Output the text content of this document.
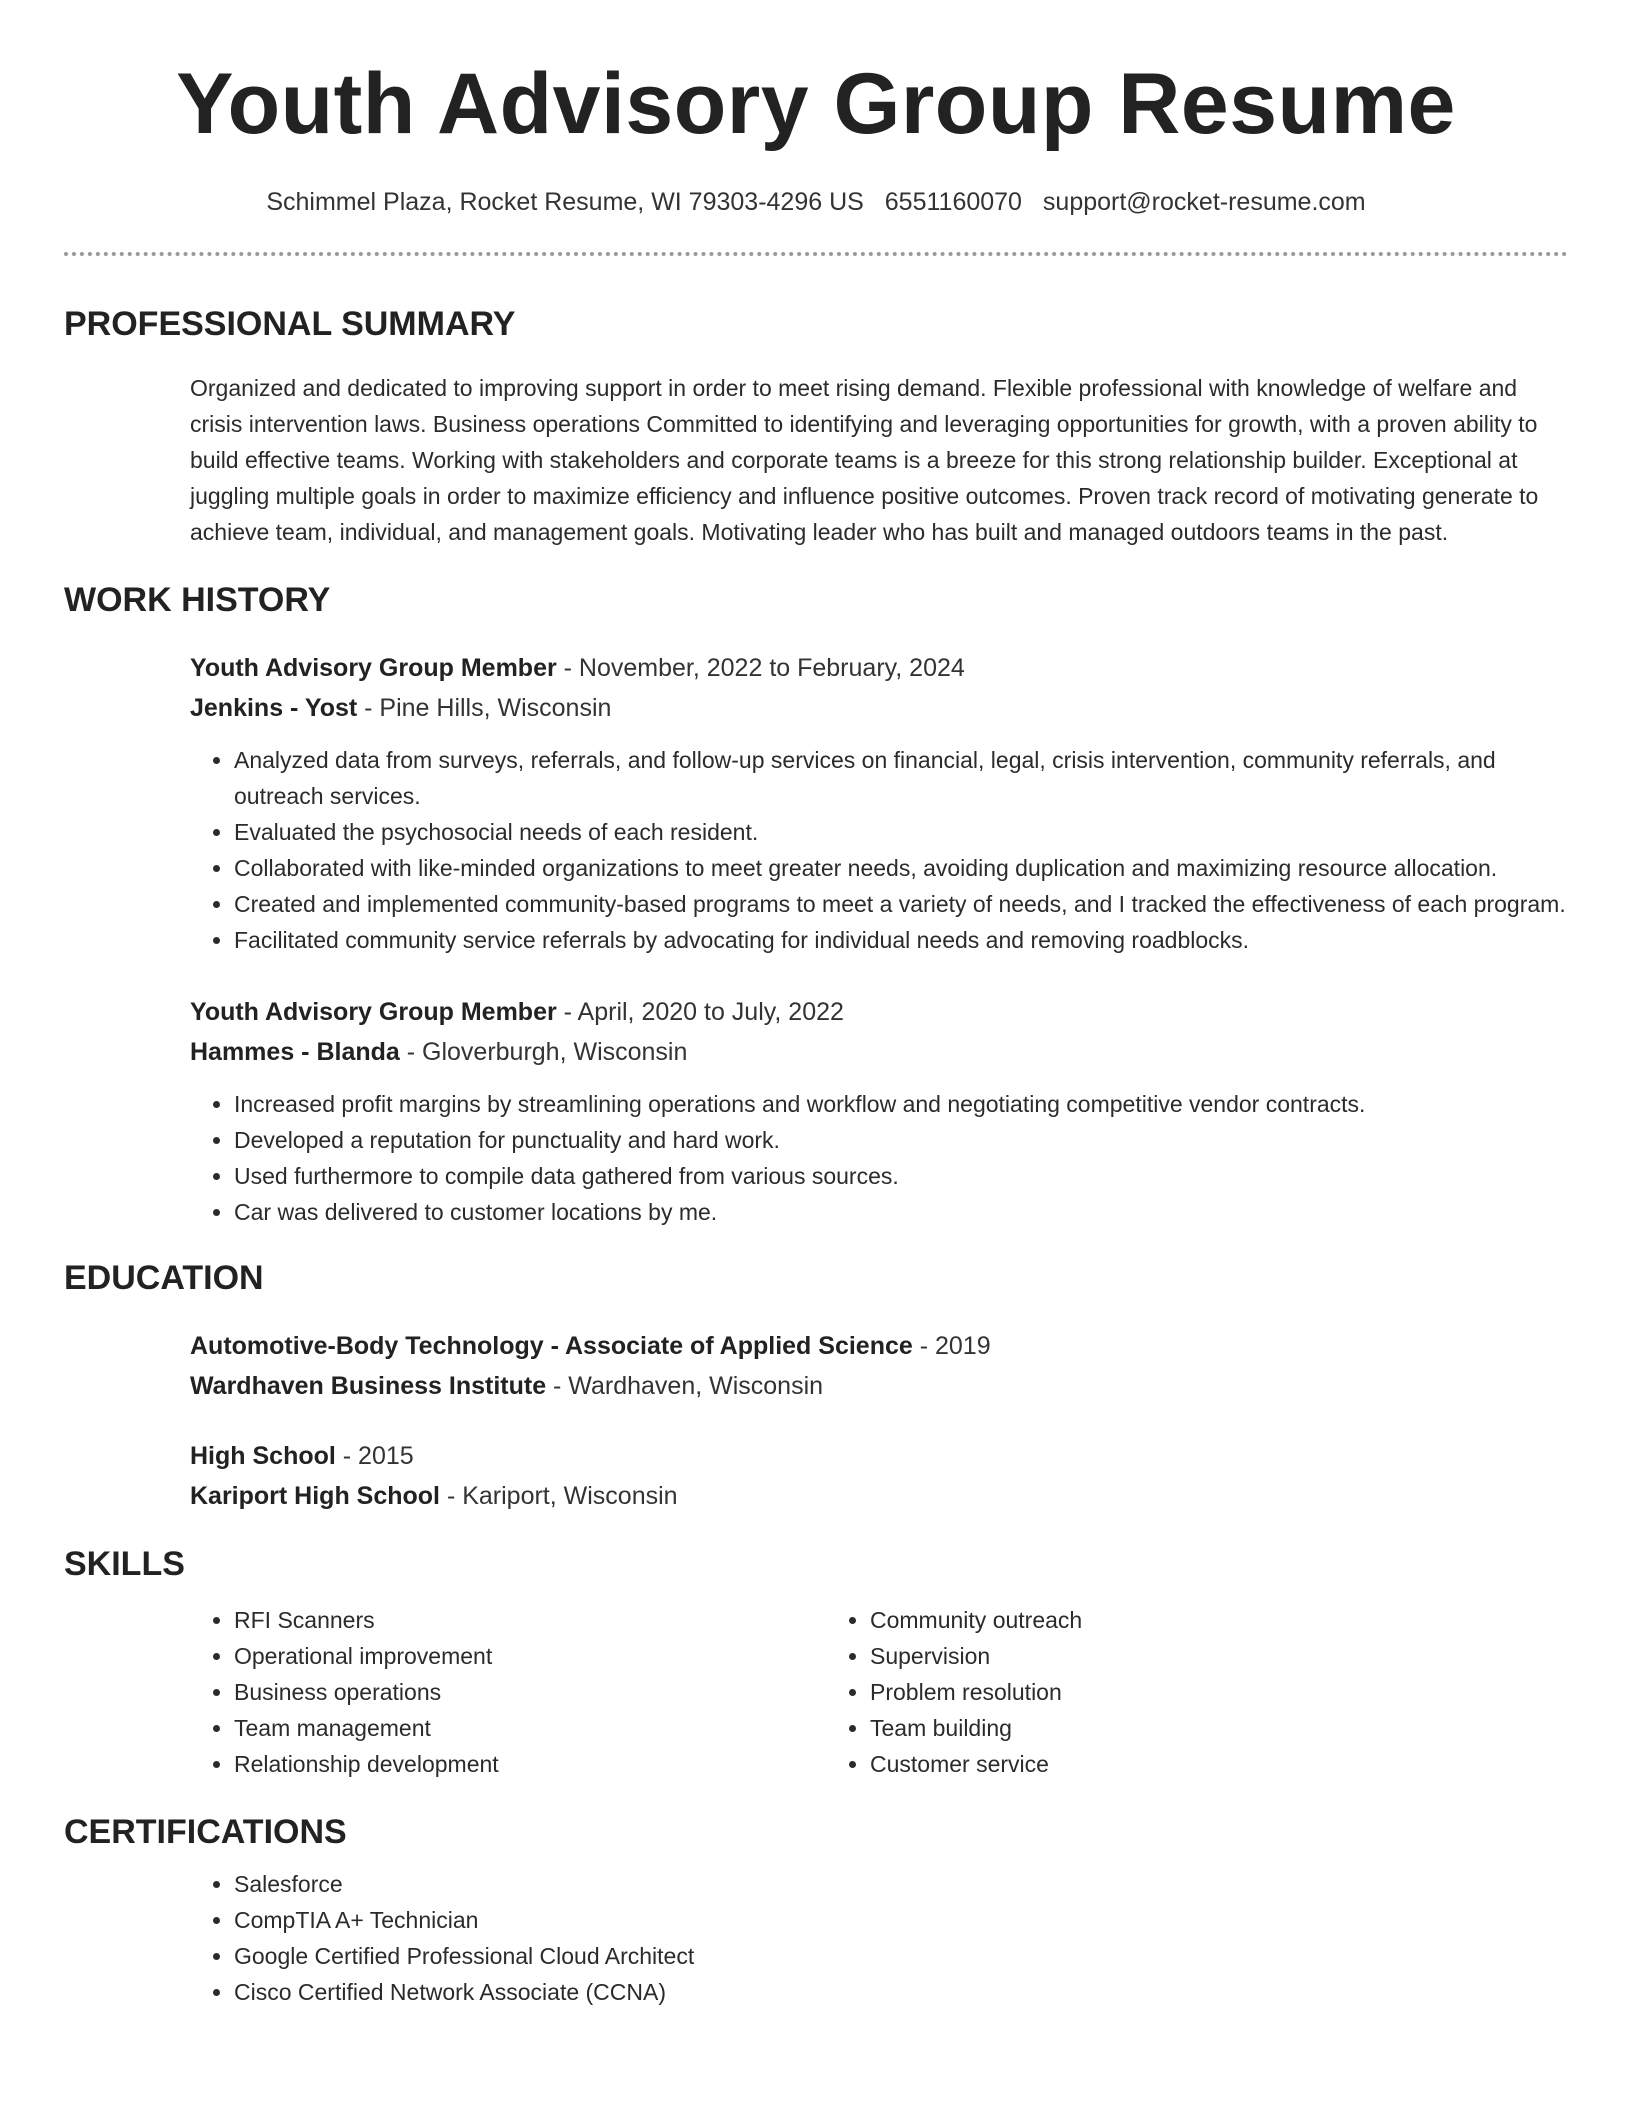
Youth Advisory Group Resume
Schimmel Plaza, Rocket Resume, WI 79303-4296 US 6551160070 support@rocket-resume.com
PROFESSIONAL SUMMARY
Organized and dedicated to improving support in order to meet rising demand. Flexible professional with knowledge of welfare and crisis intervention laws. Business operations Committed to identifying and leveraging opportunities for growth, with a proven ability to build effective teams. Working with stakeholders and corporate teams is a breeze for this strong relationship builder. Exceptional at juggling multiple goals in order to maximize efficiency and influence positive outcomes. Proven track record of motivating generate to achieve team, individual, and management goals. Motivating leader who has built and managed outdoors teams in the past.
WORK HISTORY
Youth Advisory Group Member - November, 2022 to February, 2024
Jenkins - Yost - Pine Hills, Wisconsin
• Analyzed data from surveys, referrals, and follow-up services on financial, legal, crisis intervention, community referrals, and outreach services.
• Evaluated the psychosocial needs of each resident.
• Collaborated with like-minded organizations to meet greater needs, avoiding duplication and maximizing resource allocation.
• Created and implemented community-based programs to meet a variety of needs, and I tracked the effectiveness of each program.
• Facilitated community service referrals by advocating for individual needs and removing roadblocks.
Youth Advisory Group Member - April, 2020 to July, 2022
Hammes - Blanda - Gloverburgh, Wisconsin
• Increased profit margins by streamlining operations and workflow and negotiating competitive vendor contracts.
• Developed a reputation for punctuality and hard work.
• Used furthermore to compile data gathered from various sources.
• Car was delivered to customer locations by me.
EDUCATION
Automotive-Body Technology - Associate of Applied Science - 2019
Wardhaven Business Institute - Wardhaven, Wisconsin
High School - 2015
Kariport High School - Kariport, Wisconsin
SKILLS
• RFI Scanners
• Operational improvement
• Business operations
• Team management
• Relationship development
• Community outreach
• Supervision
• Problem resolution
• Team building
• Customer service
CERTIFICATIONS
• Salesforce
• CompTIA A+ Technician
• Google Certified Professional Cloud Architect
• Cisco Certified Network Associate (CCNA)
